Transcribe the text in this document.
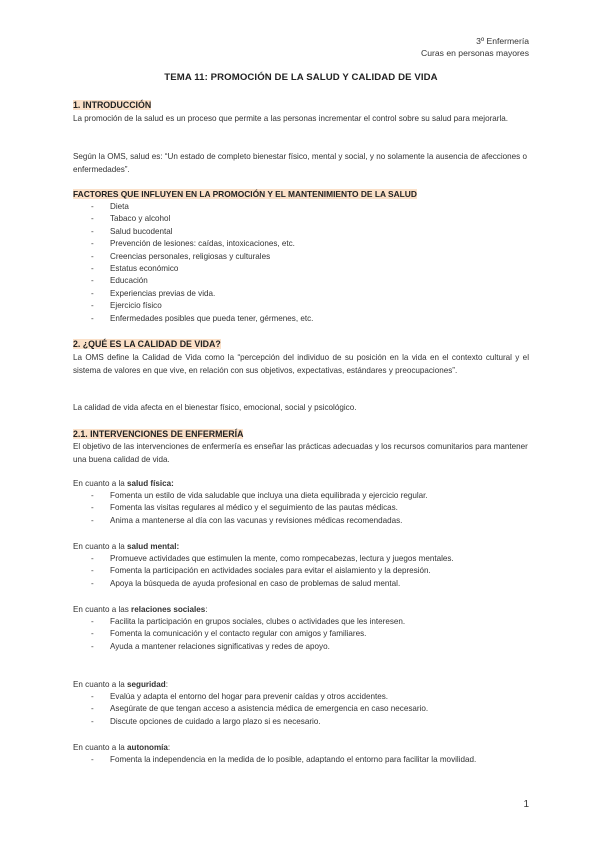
3º Enfermería
Curas en personas mayores
TEMA 11: PROMOCIÓN DE LA SALUD Y CALIDAD DE VIDA
1. INTRODUCCIÓN
La promoción de la salud es un proceso que permite a las personas incrementar el control sobre su salud para mejorarla.
Según la OMS, salud es: “Un estado de completo bienestar físico, mental y social, y no solamente la ausencia de afecciones o enfermedades”.
FACTORES QUE INFLUYEN EN LA PROMOCIÓN Y EL MANTENIMIENTO DE LA SALUD
- Dieta
- Tabaco y alcohol
- Salud bucodental
- Prevención de lesiones: caídas, intoxicaciones, etc.
- Creencias personales, religiosas y culturales
- Estatus económico
- Educación
- Experiencias previas de vida.
- Ejercicio físico
- Enfermedades posibles que pueda tener, gérmenes, etc.
2. ¿QUÉ ES LA CALIDAD DE VIDA?
La OMS define la Calidad de Vida como la “percepción del individuo de su posición en la vida en el contexto cultural y el sistema de valores en que vive, en relación con sus objetivos, expectativas, estándares y preocupaciones”.
La calidad de vida afecta en el bienestar físico, emocional, social y psicológico.
2.1. INTERVENCIONES DE ENFERMERÍA
El objetivo de las intervenciones de enfermería es enseñar las prácticas adecuadas y los recursos comunitarios para mantener una buena calidad de vida.
En cuanto a la salud física:
- Fomenta un estilo de vida saludable que incluya una dieta equilibrada y ejercicio regular.
- Fomenta las visitas regulares al médico y el seguimiento de las pautas médicas.
- Anima a mantenerse al día con las vacunas y revisiones médicas recomendadas.
En cuanto a la salud mental:
- Promueve actividades que estimulen la mente, como rompecabezas, lectura y juegos mentales.
- Fomenta la participación en actividades sociales para evitar el aislamiento y la depresión.
- Apoya la búsqueda de ayuda profesional en caso de problemas de salud mental.
En cuanto a las relaciones sociales:
- Facilita la participación en grupos sociales, clubes o actividades que les interesen.
- Fomenta la comunicación y el contacto regular con amigos y familiares.
- Ayuda a mantener relaciones significativas y redes de apoyo.
En cuanto a la seguridad:
- Evalúa y adapta el entorno del hogar para prevenir caídas y otros accidentes.
- Asegúrate de que tengan acceso a asistencia médica de emergencia en caso necesario.
- Discute opciones de cuidado a largo plazo si es necesario.
En cuanto a la autonomía:
- Fomenta la independencia en la medida de lo posible, adaptando el entorno para facilitar la movilidad.
1
